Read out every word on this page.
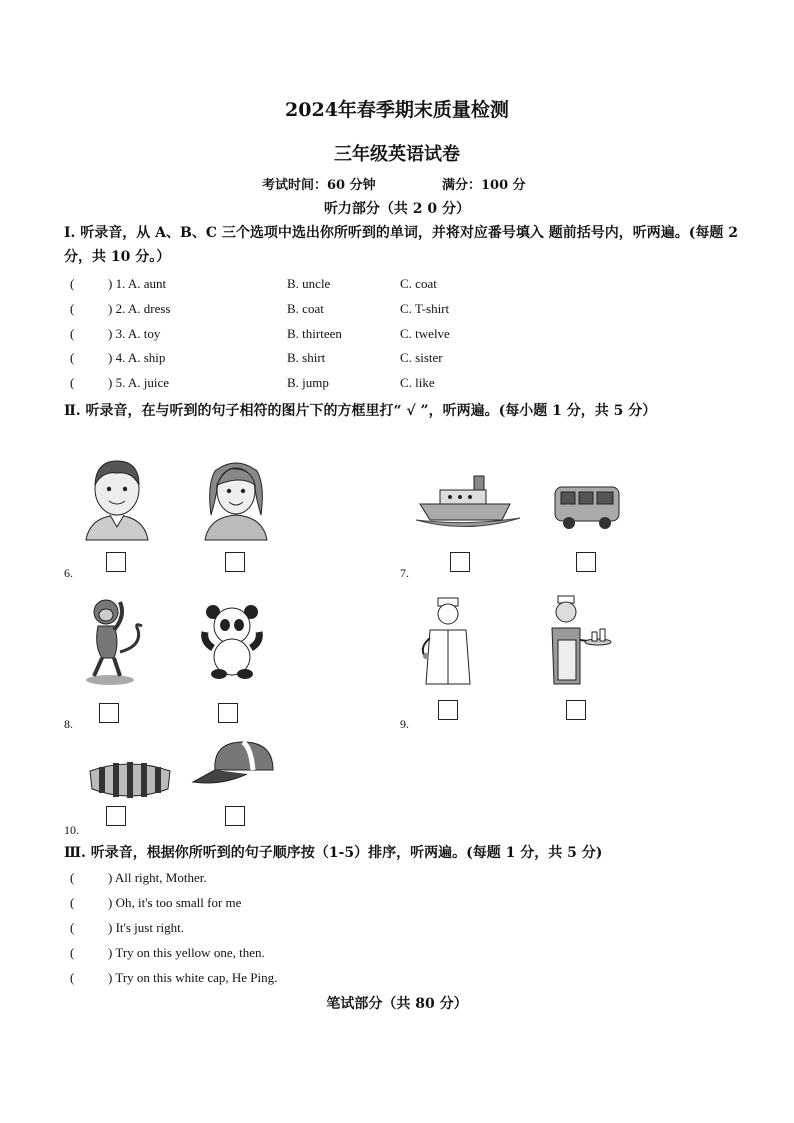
2024年春季期末质量检测
三年级英语试卷
考试时间：60 分钟	满分：100 分
听力部分（共 2 0 分）
I. 听录音，从 A、B、C 三个选项中选出你所听到的单词，并将对应番号填入 题前括号内，听两遍。(每题 2 分，共 10 分。）
(	) 1. A. aunt	B. uncle	C. coat
(	) 2. A. dress	B. coat	C. T-shirt
(	) 3. A. toy	B. thirteen	C. twelve
(	) 4. A. ship	B. shirt	C. sister
(	) 5. A. juice	B. jump	C. like
Ⅱ. 听录音，在与听到的句子相符的图片下的方框里打“ √ ”，听两遍。(每小题 1 分，共 5 分）
6.	7.
8.	9.
10.
Ⅲ. 听录音，根据你所听到的句子顺序按（1-5）排序，听两遍。(每题 1 分，共 5 分)
(	) All right, Mother.
(	) Oh, it's too small for me
(	) It's just right.
(	) Try on this yellow one, then.
(	) Try on this white cap, He Ping.
笔试部分（共 80 分）
